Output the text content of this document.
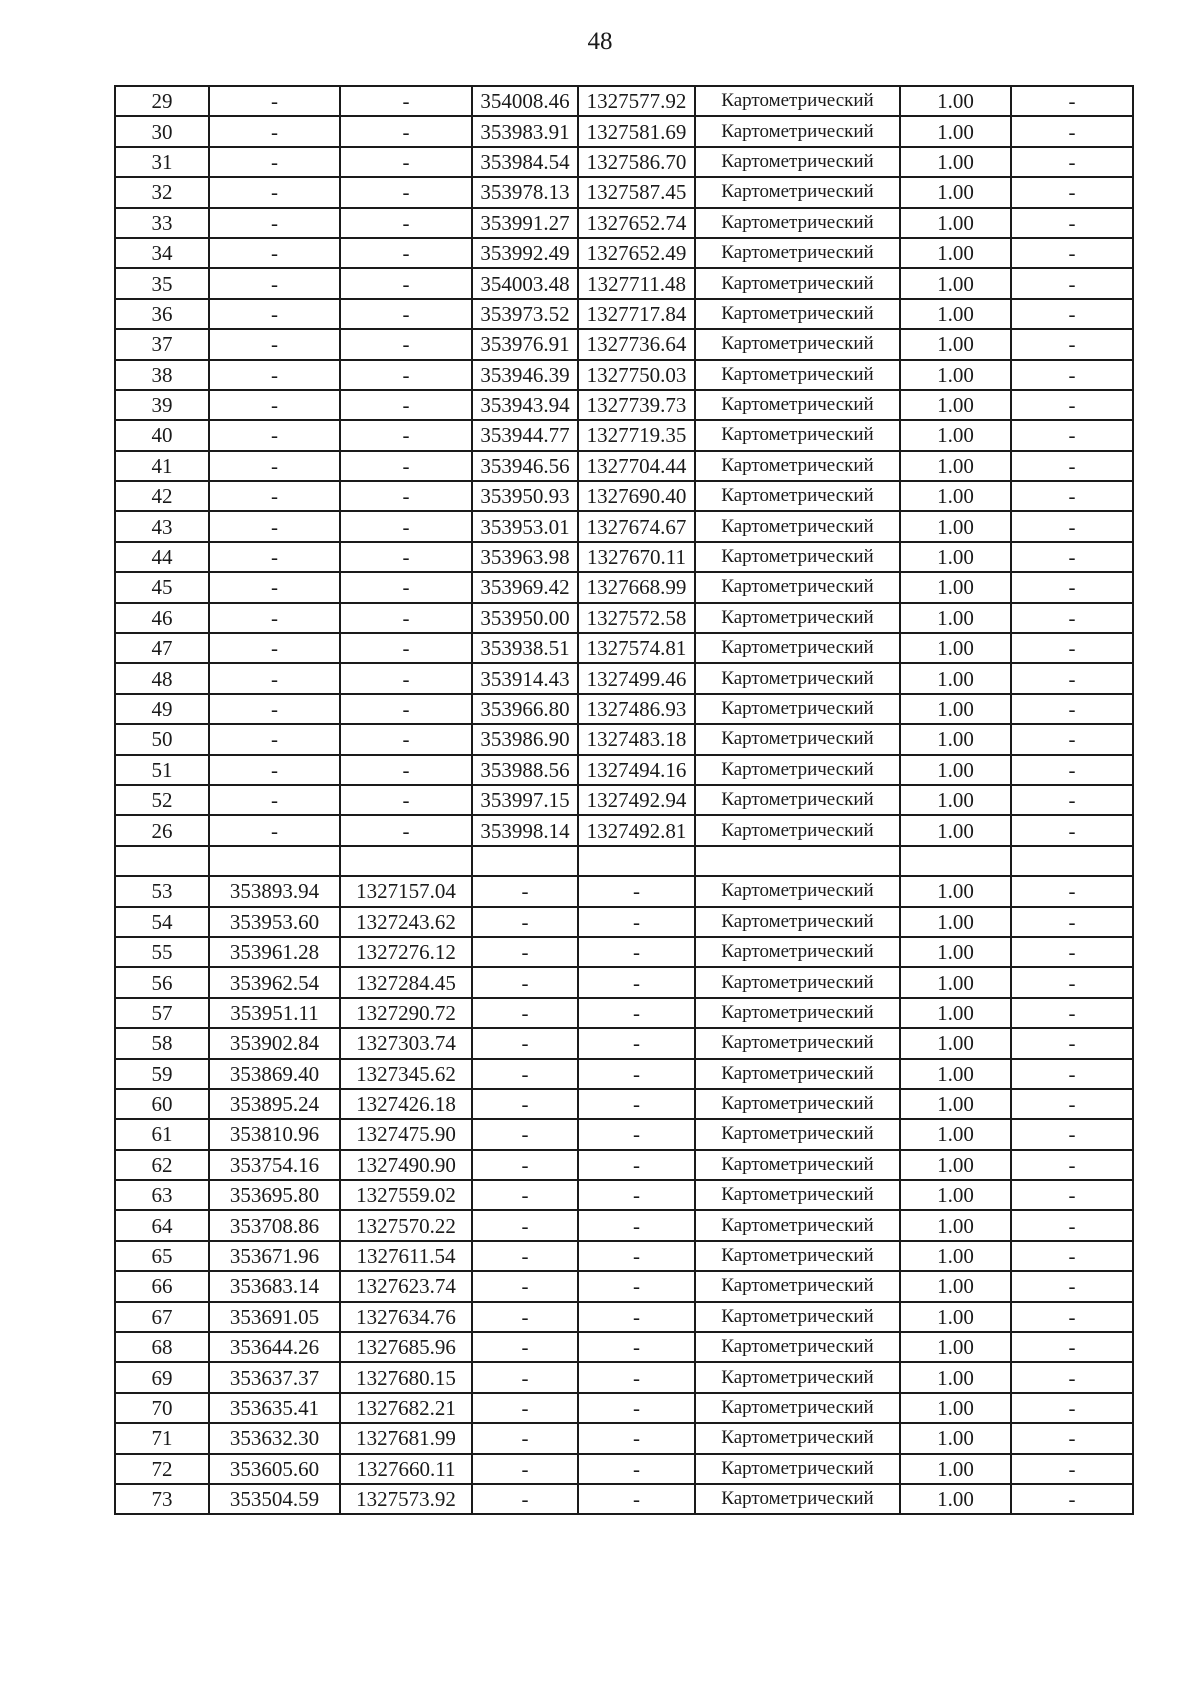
48
29	-	-	354008.46	1327577.92	Картометрический	1.00	-
30	-	-	353983.91	1327581.69	Картометрический	1.00	-
31	-	-	353984.54	1327586.70	Картометрический	1.00	-
32	-	-	353978.13	1327587.45	Картометрический	1.00	-
33	-	-	353991.27	1327652.74	Картометрический	1.00	-
34	-	-	353992.49	1327652.49	Картометрический	1.00	-
35	-	-	354003.48	1327711.48	Картометрический	1.00	-
36	-	-	353973.52	1327717.84	Картометрический	1.00	-
37	-	-	353976.91	1327736.64	Картометрический	1.00	-
38	-	-	353946.39	1327750.03	Картометрический	1.00	-
39	-	-	353943.94	1327739.73	Картометрический	1.00	-
40	-	-	353944.77	1327719.35	Картометрический	1.00	-
41	-	-	353946.56	1327704.44	Картометрический	1.00	-
42	-	-	353950.93	1327690.40	Картометрический	1.00	-
43	-	-	353953.01	1327674.67	Картометрический	1.00	-
44	-	-	353963.98	1327670.11	Картометрический	1.00	-
45	-	-	353969.42	1327668.99	Картометрический	1.00	-
46	-	-	353950.00	1327572.58	Картометрический	1.00	-
47	-	-	353938.51	1327574.81	Картометрический	1.00	-
48	-	-	353914.43	1327499.46	Картометрический	1.00	-
49	-	-	353966.80	1327486.93	Картометрический	1.00	-
50	-	-	353986.90	1327483.18	Картометрический	1.00	-
51	-	-	353988.56	1327494.16	Картометрический	1.00	-
52	-	-	353997.15	1327492.94	Картометрический	1.00	-
26	-	-	353998.14	1327492.81	Картометрический	1.00	-

53	353893.94	1327157.04	-	-	Картометрический	1.00	-
54	353953.60	1327243.62	-	-	Картометрический	1.00	-
55	353961.28	1327276.12	-	-	Картометрический	1.00	-
56	353962.54	1327284.45	-	-	Картометрический	1.00	-
57	353951.11	1327290.72	-	-	Картометрический	1.00	-
58	353902.84	1327303.74	-	-	Картометрический	1.00	-
59	353869.40	1327345.62	-	-	Картометрический	1.00	-
60	353895.24	1327426.18	-	-	Картометрический	1.00	-
61	353810.96	1327475.90	-	-	Картометрический	1.00	-
62	353754.16	1327490.90	-	-	Картометрический	1.00	-
63	353695.80	1327559.02	-	-	Картометрический	1.00	-
64	353708.86	1327570.22	-	-	Картометрический	1.00	-
65	353671.96	1327611.54	-	-	Картометрический	1.00	-
66	353683.14	1327623.74	-	-	Картометрический	1.00	-
67	353691.05	1327634.76	-	-	Картометрический	1.00	-
68	353644.26	1327685.96	-	-	Картометрический	1.00	-
69	353637.37	1327680.15	-	-	Картометрический	1.00	-
70	353635.41	1327682.21	-	-	Картометрический	1.00	-
71	353632.30	1327681.99	-	-	Картометрический	1.00	-
72	353605.60	1327660.11	-	-	Картометрический	1.00	-
73	353504.59	1327573.92	-	-	Картометрический	1.00	-
